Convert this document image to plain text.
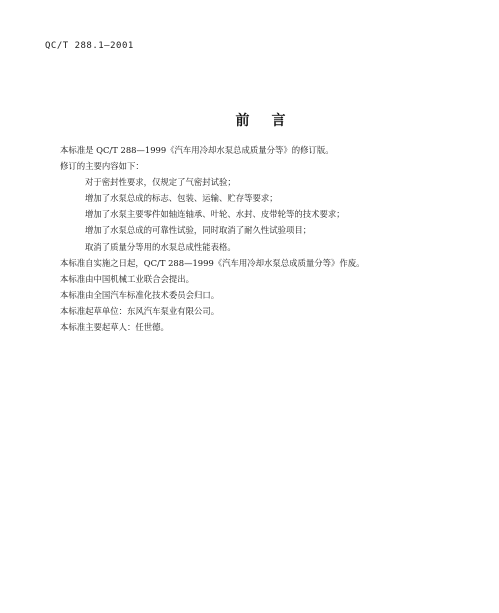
QC/T 288.1—2001
前言
本标准是 QC/T 288—1999《汽车用冷却水泵总成质量分等》的修订版。
修订的主要内容如下：
对于密封性要求，仅规定了气密封试验；
增加了水泵总成的标志、包装、运输、贮存等要求；
增加了水泵主要零件如轴连轴承、叶轮、水封、皮带轮等的技术要求；
增加了水泵总成的可靠性试验，同时取消了耐久性试验项目；
取消了质量分等用的水泵总成性能表格。
本标准自实施之日起，QC/T 288—1999《汽车用冷却水泵总成质量分等》作废。
本标准由中国机械工业联合会提出。
本标准由全国汽车标准化技术委员会归口。
本标准起草单位：东风汽车泵业有限公司。
本标准主要起草人：任世德。
